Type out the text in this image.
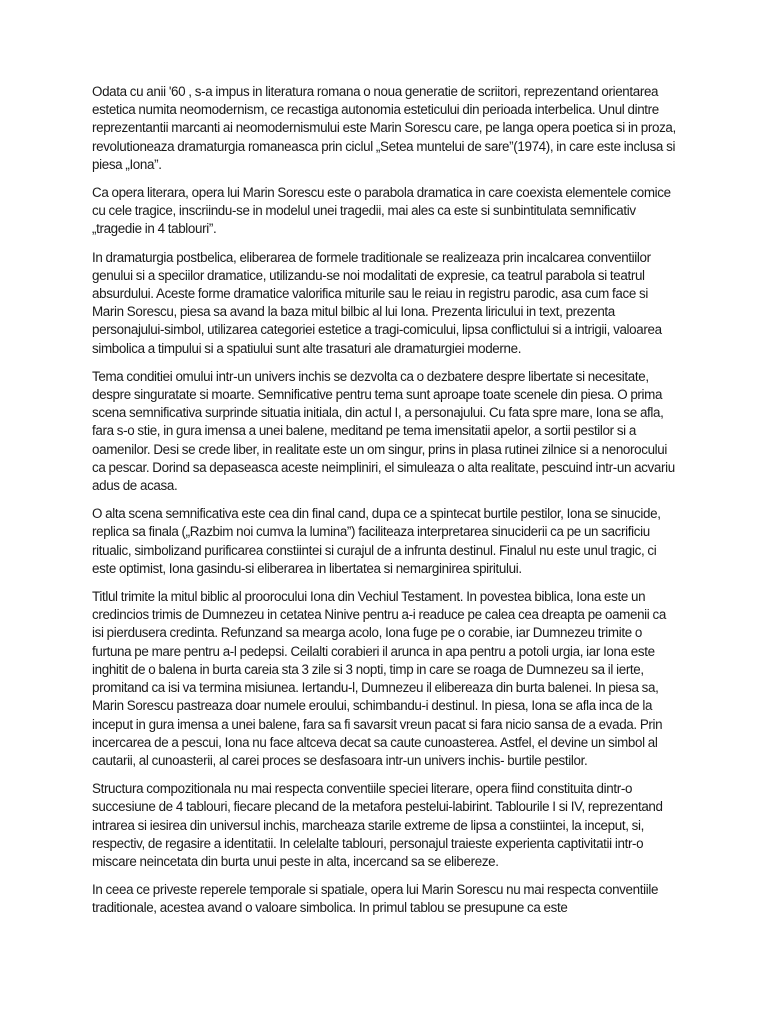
Odata cu anii '60 , s-a impus in literatura romana o noua generatie de scriitori, reprezentand orientarea estetica numita neomodernism, ce recastiga autonomia esteticului din perioada interbelica. Unul dintre reprezentantii marcanti ai neomodernismului este Marin Sorescu care, pe langa opera poetica si in proza, revolutioneaza dramaturgia romaneasca prin ciclul „Setea muntelui de sare”(1974), in care este inclusa si piesa „Iona”.

Ca opera literara, opera lui Marin Sorescu este o parabola dramatica in care coexista elementele comice cu cele tragice, inscriindu-se in modelul unei tragedii, mai ales ca este si sunbintitulata semnificativ „tragedie in 4 tablouri”.

In dramaturgia postbelica, eliberarea de formele traditionale se realizeaza prin incalcarea conventiilor genului si a speciilor dramatice, utilizandu-se noi modalitati de expresie, ca teatrul parabola si teatrul absurdului. Aceste forme dramatice valorifica miturile sau le reiau in registru parodic, asa cum face si Marin Sorescu, piesa sa avand la baza mitul bilbic al lui Iona. Prezenta liricului in text, prezenta personajului-simbol, utilizarea categoriei estetice a tragi-comicului, lipsa conflictului si a intrigii, valoarea simbolica a timpului si a spatiului sunt alte trasaturi ale dramaturgiei moderne.

Tema conditiei omului intr-un univers inchis se dezvolta ca o dezbatere despre libertate si necesitate, despre singuratate si moarte. Semnificative pentru tema sunt aproape toate scenele din piesa. O prima scena semnificativa surprinde situatia initiala, din actul I, a personajului. Cu fata spre mare, Iona se afla, fara s-o stie, in gura imensa a unei balene, meditand pe tema imensitatii apelor, a sortii pestilor si a oamenilor. Desi se crede liber, in realitate este un om singur, prins in plasa rutinei zilnice si a nenorocului ca pescar. Dorind sa depaseasca aceste neimpliniri, el simuleaza o alta realitate, pescuind intr-un acvariu adus de acasa.

O alta scena semnificativa este cea din final cand, dupa ce a spintecat burtile pestilor, Iona se sinucide, replica sa finala („Razbim noi cumva la lumina”) faciliteaza interpretarea sinuciderii ca pe un sacrificiu ritualic, simbolizand purificarea constiintei si curajul de a infrunta destinul. Finalul nu este unul tragic, ci este optimist, Iona gasindu-si eliberarea in libertatea si nemarginirea spiritului.

Titlul trimite la mitul biblic al proorocului Iona din Vechiul Testament. In povestea biblica, Iona este un credincios trimis de Dumnezeu in cetatea Ninive pentru a-i readuce pe calea cea dreapta pe oamenii ca isi pierdusera credinta. Refunzand sa mearga acolo, Iona fuge pe o corabie, iar Dumnezeu trimite o furtuna pe mare pentru a-l pedepsi. Ceilalti corabieri il arunca in apa pentru a potoli urgia, iar Iona este inghitit de o balena in burta careia sta 3 zile si 3 nopti, timp in care se roaga de Dumnezeu sa il ierte, promitand ca isi va termina misiunea. Iertandu-l, Dumnezeu il elibereaza din burta balenei. In piesa sa, Marin Sorescu pastreaza doar numele eroului, schimbandu-i destinul. In piesa, Iona se afla inca de la inceput in gura imensa a unei balene, fara sa fi savarsit vreun pacat si fara nicio sansa de a evada. Prin incercarea de a pescui, Iona nu face altceva decat sa caute cunoasterea. Astfel, el devine un simbol al cautarii, al cunoasterii, al carei proces se desfasoara intr-un univers inchis- burtile pestilor.

Structura compozitionala nu mai respecta conventiile speciei literare, opera fiind constituita dintr-o succesiune de 4 tablouri, fiecare plecand de la metafora pestelui-labirint. Tablourile I si IV, reprezentand intrarea si iesirea din universul inchis, marcheaza starile extreme de lipsa a constiintei, la inceput, si, respectiv, de regasire a identitatii. In celelalte tablouri, personajul traieste experienta captivitatii intr-o miscare neincetata din burta unui peste in alta, incercand sa se elibereze.

In ceea ce priveste reperele temporale si spatiale, opera lui Marin Sorescu nu mai respecta conventiile traditionale, acestea avand o valoare simbolica. In primul tablou se presupune ca este
